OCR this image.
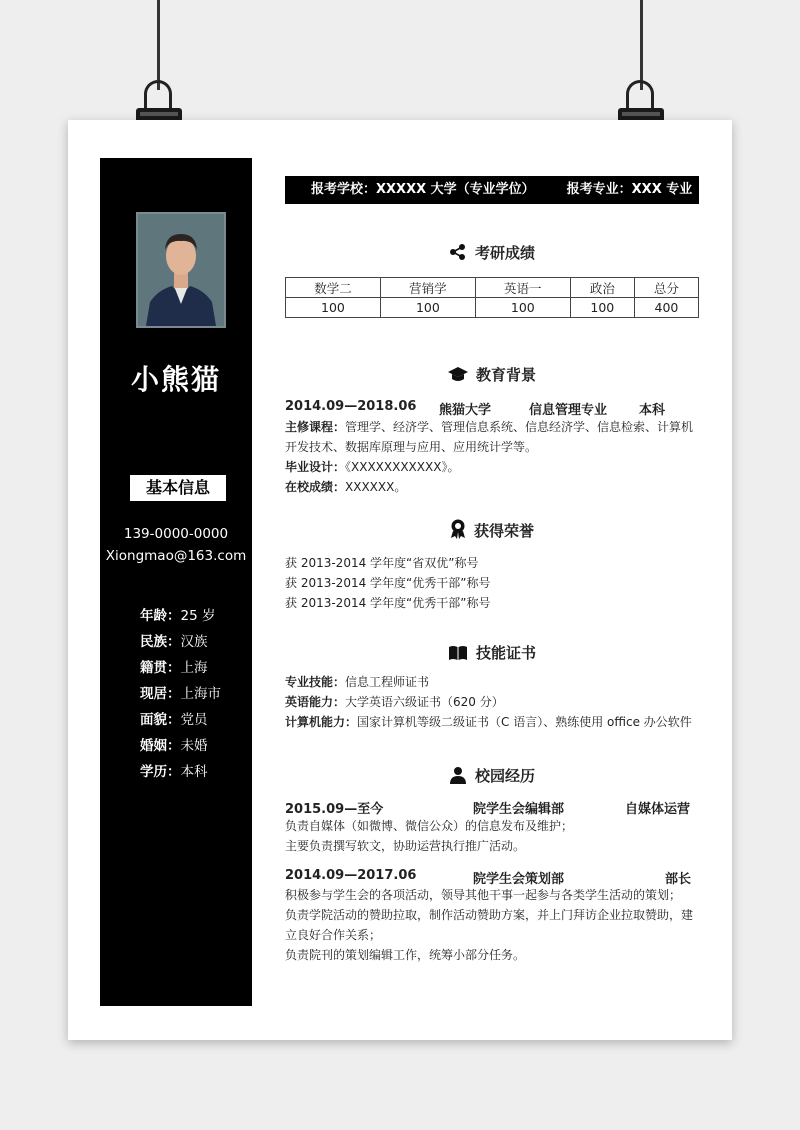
小熊猫
基本信息
139-0000-0000
Xiongmao@163.com
年龄：25 岁
民族：汉族
籍贯：上海
现居：上海市
面貌：党员
婚姻：未婚
学历：本科
报考学校：XXXXX 大学（专业学位） 报考专业：XXX 专业
考研成绩
数学二	营销学	英语一	政治	总分
100	100	100	100	400
教育背景
2014.09—2018.06 熊猫大学	信息管理专业 本科
主修课程：管理学、经济学、管理信息系统、信息经济学、信息检索、计算机开发技术、数据库原理与应用、应用统计学等。
毕业设计：《XXXXXXXXXXX》。
在校成绩：XXXXXX。
获得荣誉
获 2013-2014 学年度“省双优”称号
获 2013-2014 学年度“优秀干部”称号
获 2013-2014 学年度“优秀干部”称号
技能证书
专业技能：信息工程师证书
英语能力：大学英语六级证书（620 分）
计算机能力：国家计算机等级二级证书（C 语言）、熟练使用 office 办公软件
校园经历
2015.09—至今	院学生会编辑部	自媒体运营
负责自媒体（如微博、微信公众）的信息发布及维护；
主要负责撰写软文，协助运营执行推广活动。
2014.09—2017.06	院学生会策划部	部长
积极参与学生会的各项活动，领导其他干事一起参与各类学生活动的策划；
负责学院活动的赞助拉取，制作活动赞助方案，并上门拜访企业拉取赞助，建立良好合作关系；
负责院刊的策划编辑工作，统筹小部分任务。
